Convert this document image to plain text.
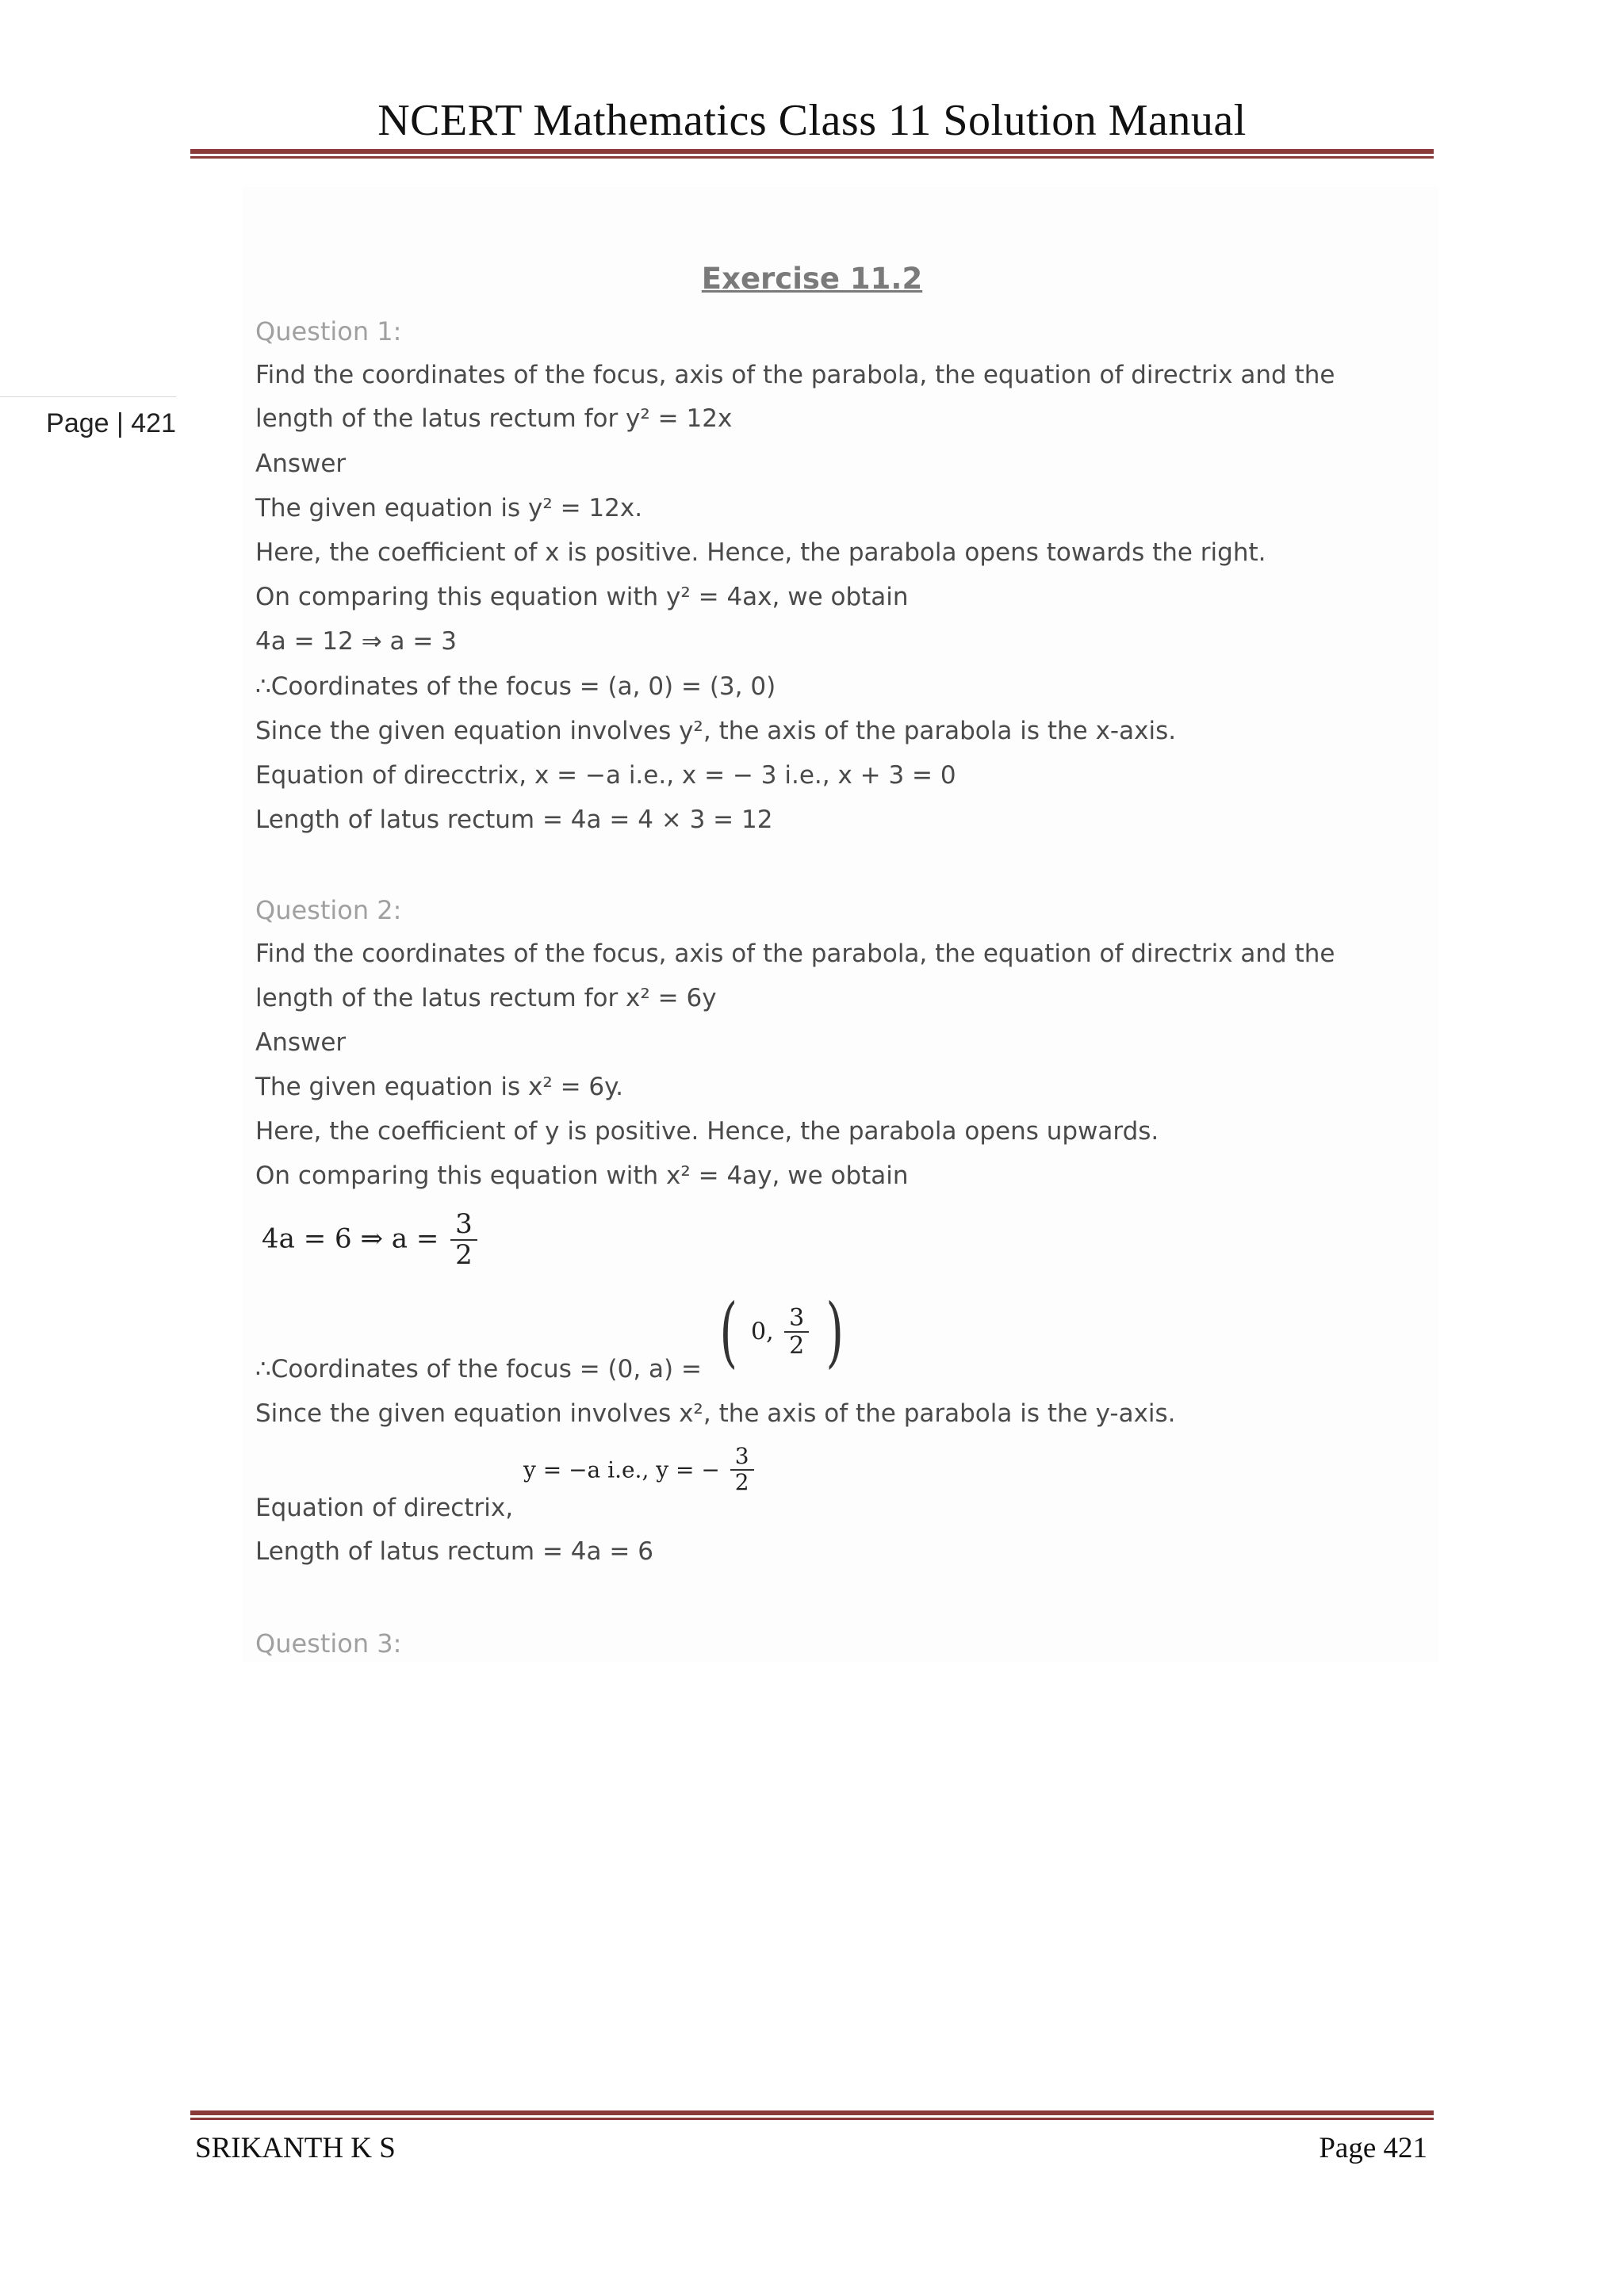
NCERT Mathematics Class 11 Solution Manual
Page | 421
Exercise 11.2
Question 1:
Find the coordinates of the focus, axis of the parabola, the equation of directrix and the
length of the latus rectum for y² = 12x
Answer
The given equation is y² = 12x.
Here, the coefficient of x is positive. Hence, the parabola opens towards the right.
On comparing this equation with y² = 4ax, we obtain
4a = 12 ⇒ a = 3
∴Coordinates of the focus = (a, 0) = (3, 0)
Since the given equation involves y², the axis of the parabola is the x-axis.
Equation of direcctrix, x = −a i.e., x = − 3 i.e., x + 3 = 0
Length of latus rectum = 4a = 4 × 3 = 12
Question 2:
Find the coordinates of the focus, axis of the parabola, the equation of directrix and the
length of the latus rectum for x² = 6y
Answer
The given equation is x² = 6y.
Here, the coefficient of y is positive. Hence, the parabola opens upwards.
On comparing this equation with x² = 4ay, we obtain
4a = 6 ⇒ $a = \frac{3}{2}$
∴Coordinates of the focus = (0, a) = ( 0, $\frac{3}{2}$ )
Since the given equation involves x², the axis of the parabola is the y-axis.
Equation of directrix,
y = −a i.e., y = − $\frac{3}{2}$
Length of latus rectum = 4a = 6
Question 3:
SRIKANTH K S	Page 421
